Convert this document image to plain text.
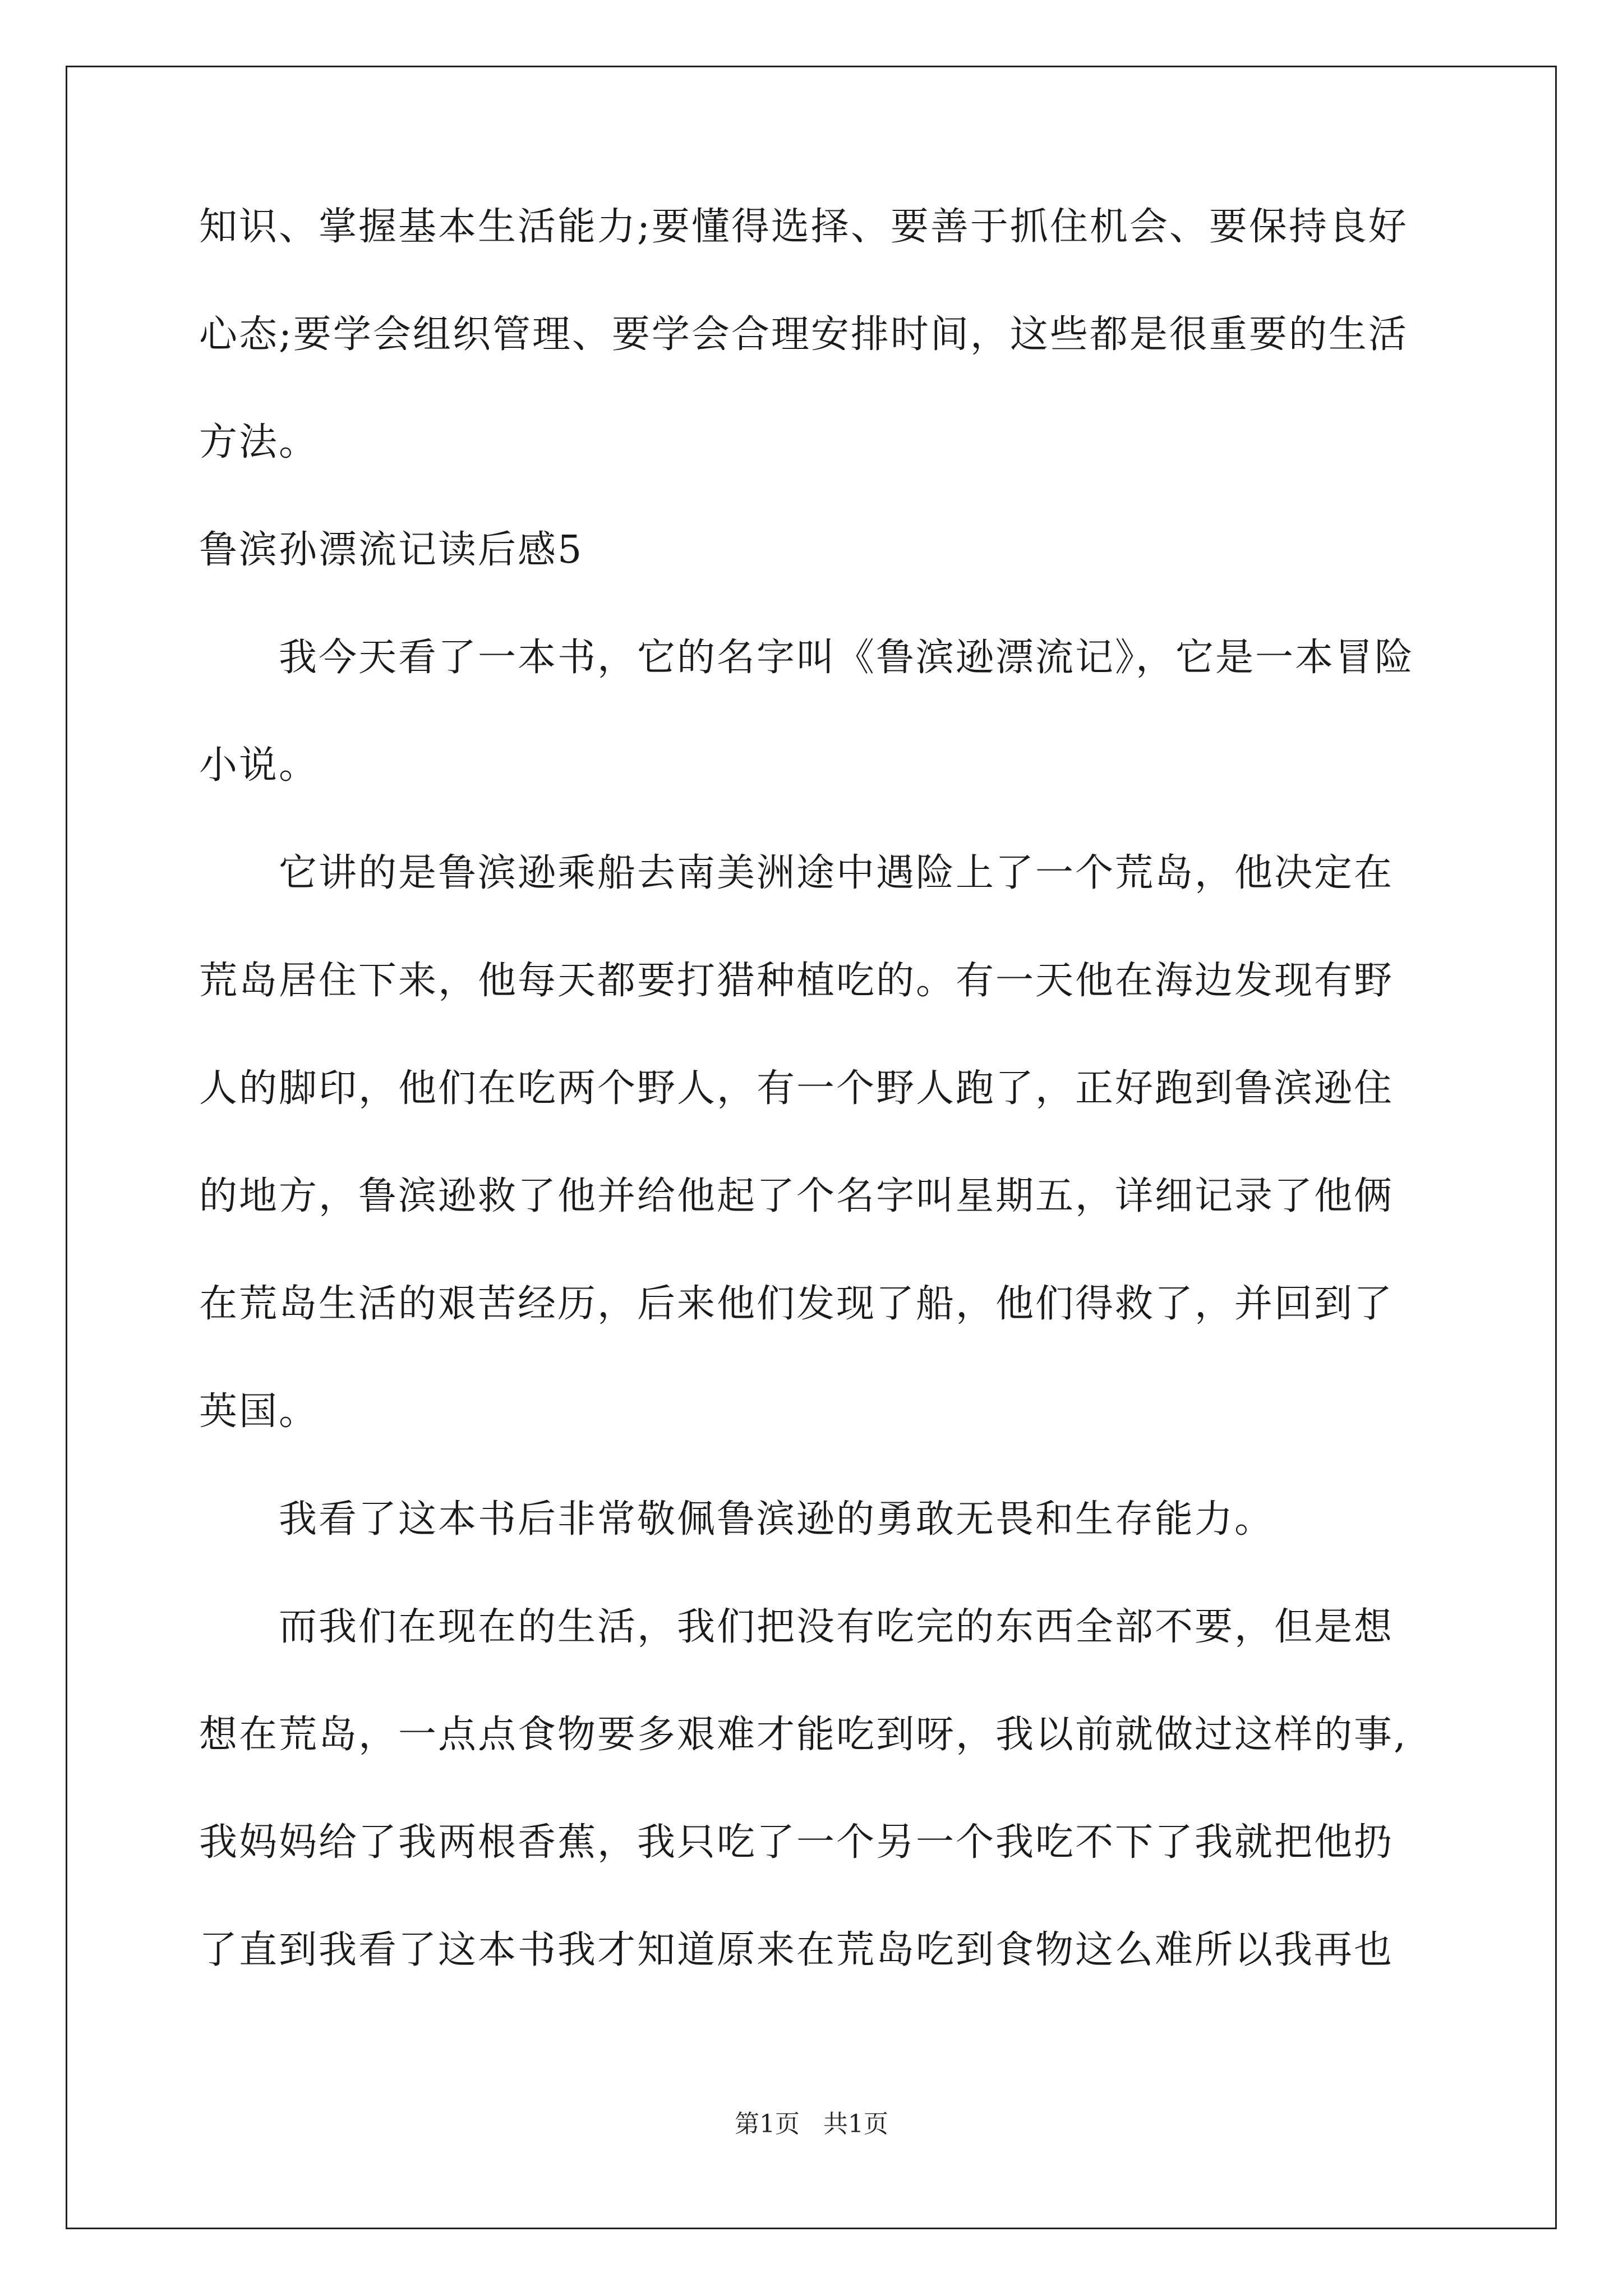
知识、掌握基本生活能力;要懂得选择、要善于抓住机会、要保持良好
心态;要学会组织管理、要学会合理安排时间，这些都是很重要的生活
方法。
鲁滨孙漂流记读后感5
　　我今天看了一本书，它的名字叫《鲁滨逊漂流记》，它是一本冒险
小说。
　　它讲的是鲁滨逊乘船去南美洲途中遇险上了一个荒岛，他决定在
荒岛居住下来，他每天都要打猎种植吃的。有一天他在海边发现有野
人的脚印，他们在吃两个野人，有一个野人跑了，正好跑到鲁滨逊住
的地方，鲁滨逊救了他并给他起了个名字叫星期五，详细记录了他俩
在荒岛生活的艰苦经历，后来他们发现了船，他们得救了，并回到了
英国。
　　我看了这本书后非常敬佩鲁滨逊的勇敢无畏和生存能力。
　　而我们在现在的生活，我们把没有吃完的东西全部不要，但是想
想在荒岛，一点点食物要多艰难才能吃到呀，我以前就做过这样的事,
我妈妈给了我两根香蕉，我只吃了一个另一个我吃不下了我就把他扔
了直到我看了这本书我才知道原来在荒岛吃到食物这么难所以我再也
第1页 共1页
